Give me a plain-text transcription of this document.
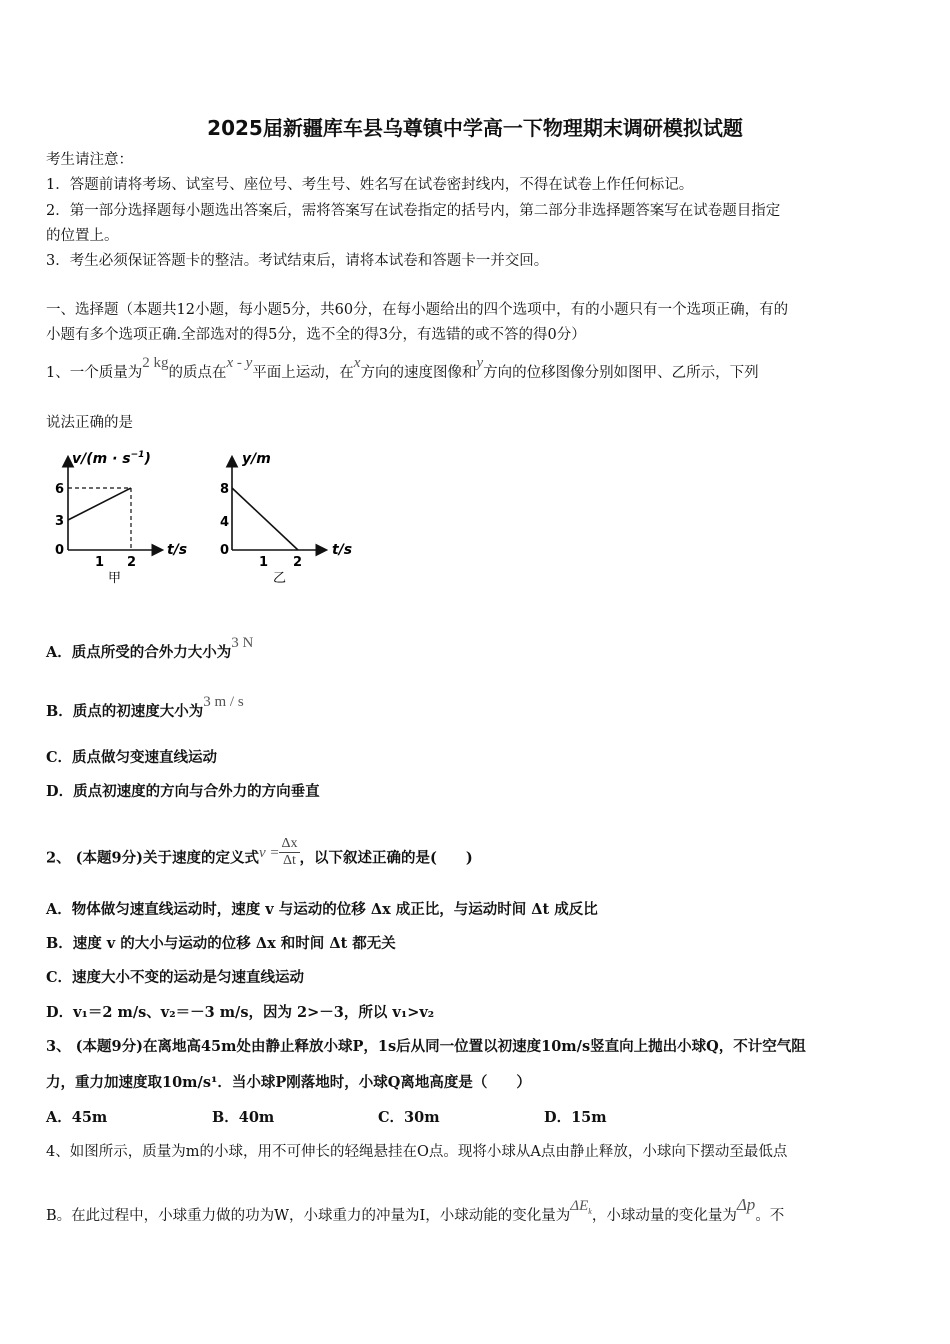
2025届新疆库车县乌尊镇中学高一下物理期末调研模拟试题
考生请注意：
1．答题前请将考场、试室号、座位号、考生号、姓名写在试卷密封线内，不得在试卷上作任何标记。
2．第一部分选择题每小题选出答案后，需将答案写在试卷指定的括号内，第二部分非选择题答案写在试卷题目指定
的位置上。
3．考生必须保证答题卡的整洁。考试结束后，请将本试卷和答题卡一并交回。
一、选择题（本题共12小题，每小题5分，共60分，在每小题给出的四个选项中，有的小题只有一个选项正确，有的
小题有多个选项正确.全部选对的得5分，选不全的得3分，有选错的或不答的得0分）
1、一个质量为2 kg的质点在x - y平面上运动，在x方向的速度图像和y方向的位移图像分别如图甲、乙所示，下列
说法正确的是
$v/(m \cdot s^{-1})$
6
3
0
1 2
t/s
甲
y/m
8
4
0
1 2
t/s
乙
A．质点所受的合外力大小为3 N
B．质点的初速度大小为3 m / s
C．质点做匀变速直线运动
D．质点初速度的方向与合外力的方向垂直
2、 (本题9分)关于速度的定义式$v = \frac{\Delta x}{\Delta t}$ ，以下叙述正确的是(　　)
A．物体做匀速直线运动时，速度 v 与运动的位移 Δx 成正比，与运动时间 Δt 成反比
B．速度 v 的大小与运动的位移 Δx 和时间 Δt 都无关
C．速度大小不变的运动是匀速直线运动
D．v₁＝2 m/s、v₂＝－3 m/s，因为 2>－3，所以 v₁>v₂
3、 (本题9分)在离地高45m处由静止释放小球P，1s后从同一位置以初速度10m/s竖直向上抛出小球Q，不计空气阻
力，重力加速度取10m/s¹．当小球P刚落地时，小球Q离地高度是（　　）
A．45m	B．40m	C．30m	D．15m
4、如图所示，质量为m的小球，用不可伸长的轻绳悬挂在O点。现将小球从A点由静止释放，小球向下摆动至最低点
B。在此过程中，小球重力做的功为W，小球重力的冲量为I，小球动能的变化量为$\Delta E_k$，小球动量的变化量为Δp。不
